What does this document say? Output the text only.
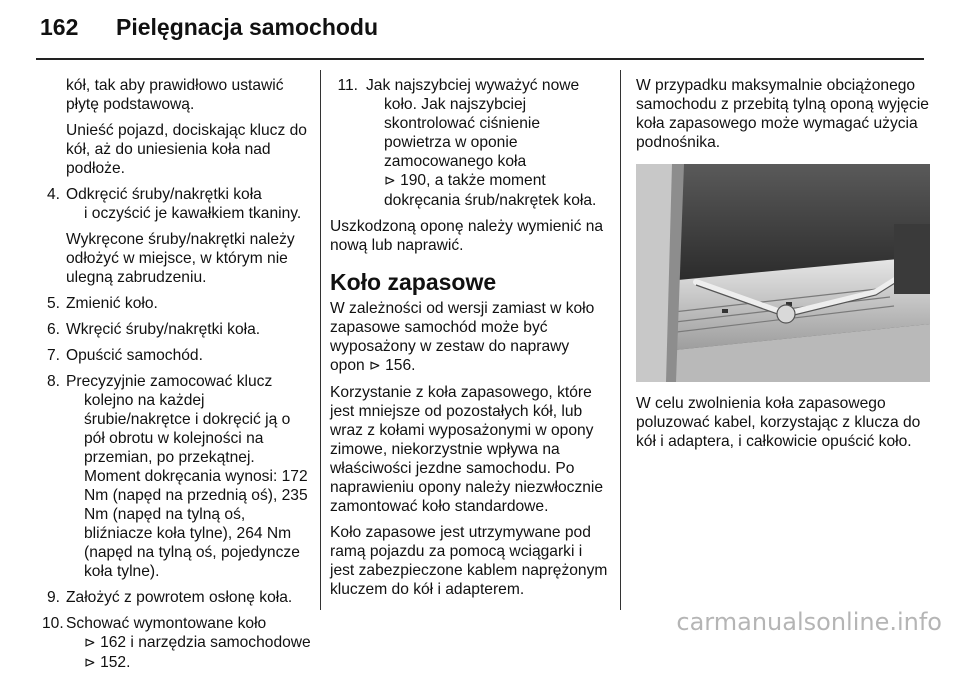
162 Pielęgnacja samochodu

kół, tak aby prawidłowo ustawić płytę podstawową.

Unieść pojazd, dociskając klucz do kół, aż do uniesienia koła nad podłoże.

4. Odkręcić śruby/nakrętki koła
i oczyścić je kawałkiem tkaniny.

Wykręcone śruby/nakrętki należy odłożyć w miejsce, w którym nie ulegną zabrudzeniu.

5. Zmienić koło.
6. Wkręcić śruby/nakrętki koła.
7. Opuścić samochód.
8. Precyzyjnie zamocować klucz
kolejno na każdej śrubie/nakrętce i dokręcić ją o pół obrotu w kolejności na przemian, po przekątnej. Moment dokręcania wynosi: 172 Nm (napęd na przednią oś), 235 Nm (napęd na tylną oś, bliźniacze koła tylne), 264 Nm (napęd na tylną oś, pojedyncze koła tylne).
9. Założyć z powrotem osłonę koła.
10. Schować wymontowane koło
⊳ 162 i narzędzia samochodowe
⊳ 152.
11. Jak najszybciej wyważyć nowe
koło. Jak najszybciej skontrolować ciśnienie powietrza w oponie zamocowanego koła
⊳ 190, a także moment dokręcania śrub/nakrętek koła.

Uszkodzoną oponę należy wymienić na nową lub naprawić.

Koło zapasowe

W zależności od wersji zamiast w koło zapasowe samochód może być wyposażony w zestaw do naprawy opon ⊳ 156.

Korzystanie z koła zapasowego, które jest mniejsze od pozostałych kół, lub wraz z kołami wyposażonymi w opony zimowe, niekorzystnie wpływa na właściwości jezdne samochodu. Po naprawieniu opony należy niezwłocznie zamontować koło standardowe.

Koło zapasowe jest utrzymywane pod ramą pojazdu za pomocą wciągarki i jest zabezpieczone kablem naprężonym kluczem do kół i adapterem.

W przypadku maksymalnie obciążonego samochodu z przebitą tylną oponą wyjęcie koła zapasowego może wymagać użycia podnośnika.

W celu zwolnienia koła zapasowego poluzować kabel, korzystając z klucza do kół i adaptera, i całkowicie opuścić koło.

carmanualsonline.info
